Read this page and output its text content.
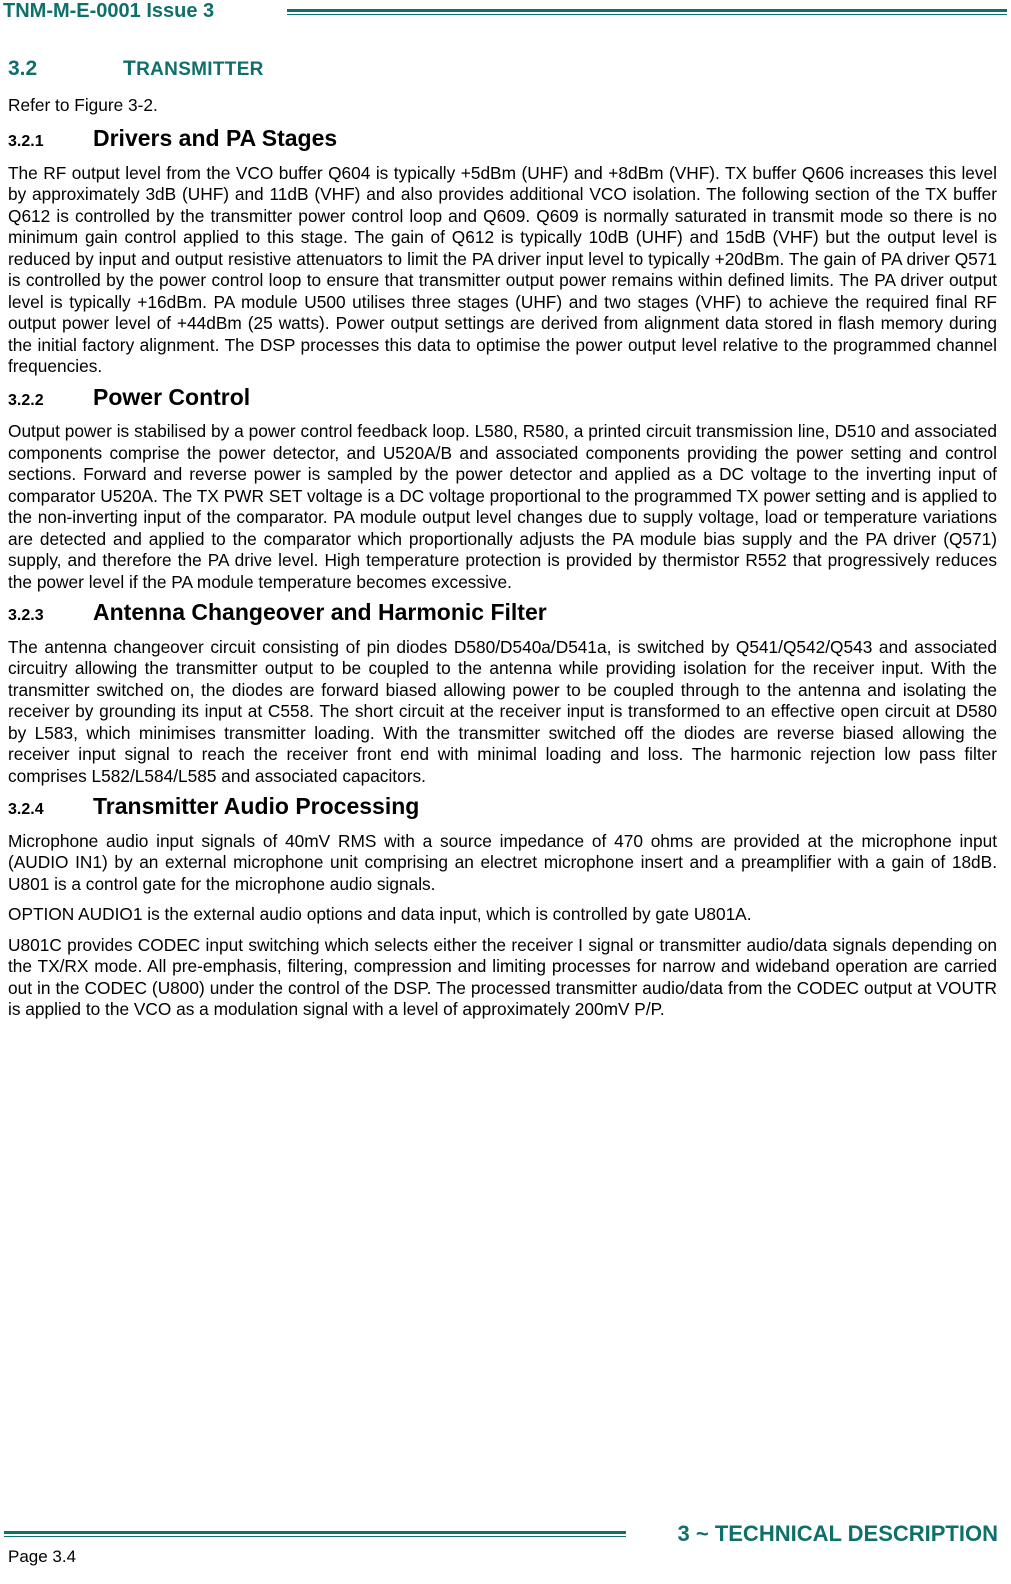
TNM-M-E-0001 Issue 3
3.2	TRANSMITTER

Refer to Figure 3-2.

3.2.1	Drivers and PA Stages

The RF output level from the VCO buffer Q604 is typically +5dBm (UHF) and +8dBm (VHF). TX buffer Q606 increases this level by approximately 3dB (UHF) and 11dB (VHF) and also provides additional VCO isolation. The following section of the TX buffer Q612 is controlled by the transmitter power control loop and Q609. Q609 is normally saturated in transmit mode so there is no minimum gain control applied to this stage. The gain of Q612 is typically 10dB (UHF) and 15dB (VHF) but the output level is reduced by input and output resistive attenuators to limit the PA driver input level to typically +20dBm. The gain of PA driver Q571 is controlled by the power control loop to ensure that transmitter output power remains within defined limits. The PA driver output level is typically +16dBm. PA module U500 utilises three stages (UHF) and two stages (VHF) to achieve the required final RF output power level of +44dBm (25 watts). Power output settings are derived from alignment data stored in flash memory during the initial factory alignment. The DSP processes this data to optimise the power output level relative to the programmed channel frequencies.

3.2.2	Power Control

Output power is stabilised by a power control feedback loop. L580, R580, a printed circuit transmission line, D510 and associated components comprise the power detector, and U520A/B and associated components providing the power setting and control sections. Forward and reverse power is sampled by the power detector and applied as a DC voltage to the inverting input of comparator U520A. The TX PWR SET voltage is a DC voltage proportional to the programmed TX power setting and is applied to the non-inverting input of the comparator. PA module output level changes due to supply voltage, load or temperature variations are detected and applied to the comparator which proportionally adjusts the PA module bias supply and the PA driver (Q571) supply, and therefore the PA drive level. High temperature protection is provided by thermistor R552 that progressively reduces the power level if the PA module temperature becomes excessive.

3.2.3	Antenna Changeover and Harmonic Filter

The antenna changeover circuit consisting of pin diodes D580/D540a/D541a, is switched by Q541/Q542/Q543 and associated circuitry allowing the transmitter output to be coupled to the antenna while providing isolation for the receiver input. With the transmitter switched on, the diodes are forward biased allowing power to be coupled through to the antenna and isolating the receiver by grounding its input at C558. The short circuit at the receiver input is transformed to an effective open circuit at D580 by L583, which minimises transmitter loading. With the transmitter switched off the diodes are reverse biased allowing the receiver input signal to reach the receiver front end with minimal loading and loss. The harmonic rejection low pass filter comprises L582/L584/L585 and associated capacitors.

3.2.4	Transmitter Audio Processing

Microphone audio input signals of 40mV RMS with a source impedance of 470 ohms are provided at the microphone input (AUDIO IN1) by an external microphone unit comprising an electret microphone insert and a preamplifier with a gain of 18dB. U801 is a control gate for the microphone audio signals.

OPTION AUDIO1 is the external audio options and data input, which is controlled by gate U801A.

U801C provides CODEC input switching which selects either the receiver I signal or transmitter audio/data signals depending on the TX/RX mode. All pre-emphasis, filtering, compression and limiting processes for narrow and wideband operation are carried out in the CODEC (U800) under the control of the DSP. The processed transmitter audio/data from the CODEC output at VOUTR is applied to the VCO as a modulation signal with a level of approximately 200mV P/P.

3 ~ TECHNICAL DESCRIPTION
Page 3.4
